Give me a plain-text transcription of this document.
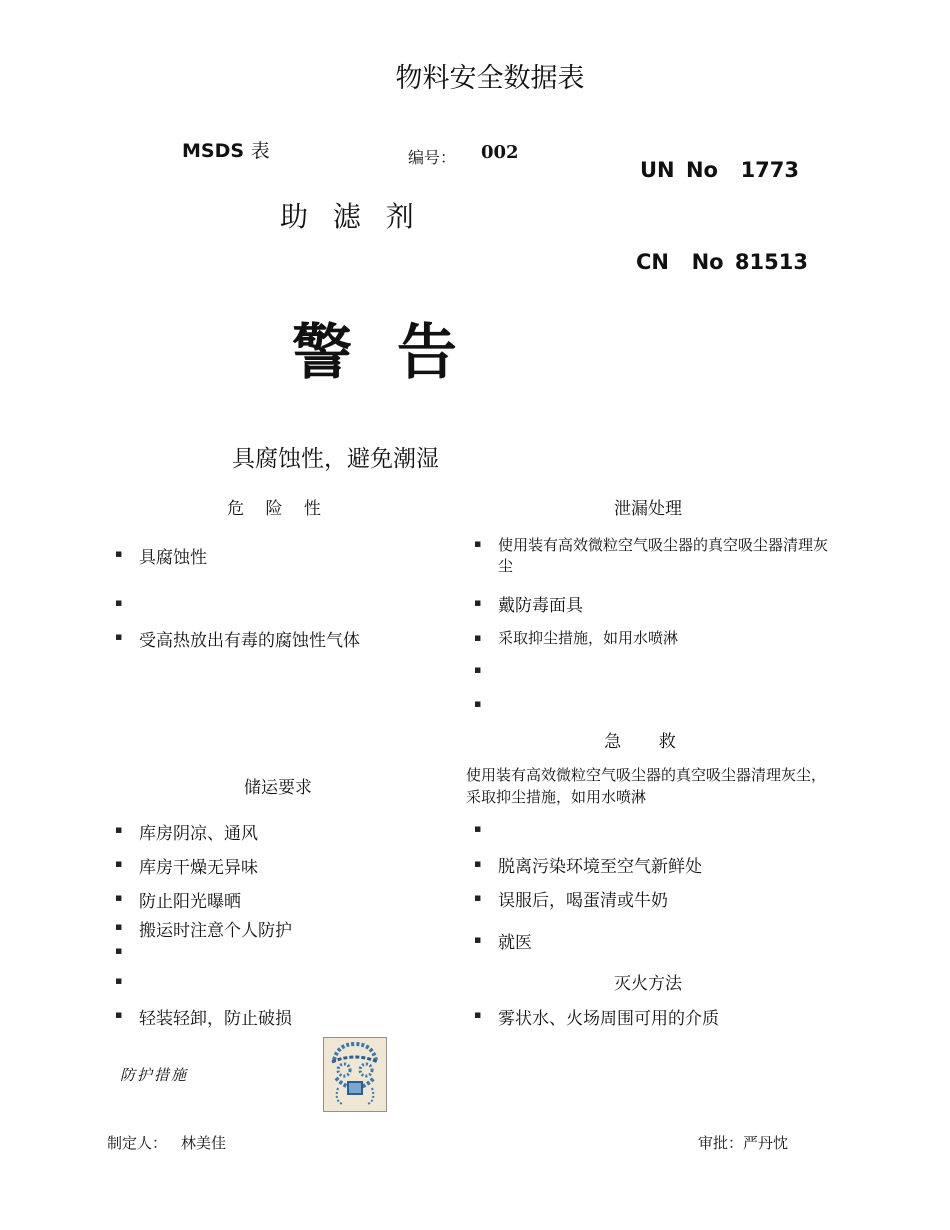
物料安全数据表
MSDS 表	编号： 002
UN No  1773
助 滤 剂
CN  No 81513
警 告
具腐蚀性，避免潮湿
危 险 性
▪ 具腐蚀性
▪
▪ 受高热放出有毒的腐蚀性气体
泄漏处理
▪ 使用装有高效微粒空气吸尘器的真空吸尘器清理灰尘
▪ 戴防毒面具
▪ 采取抑尘措施，如用水喷淋
▪
▪
急 救
使用装有高效微粒空气吸尘器的真空吸尘器清理灰尘，采取抑尘措施，如用水喷淋
▪
▪ 脱离污染环境至空气新鲜处
▪ 误服后，喝蛋清或牛奶
▪ 就医
储运要求
▪ 库房阴凉、通风
▪ 库房干燥无异味
▪ 防止阳光曝晒
▪ 搬运时注意个人防护
▪
▪
▪ 轻装轻卸，防止破损
灭火方法
▪ 雾状水、火场周围可用的介质
防护措施
制定人： 林美佳	审批：严丹忱
